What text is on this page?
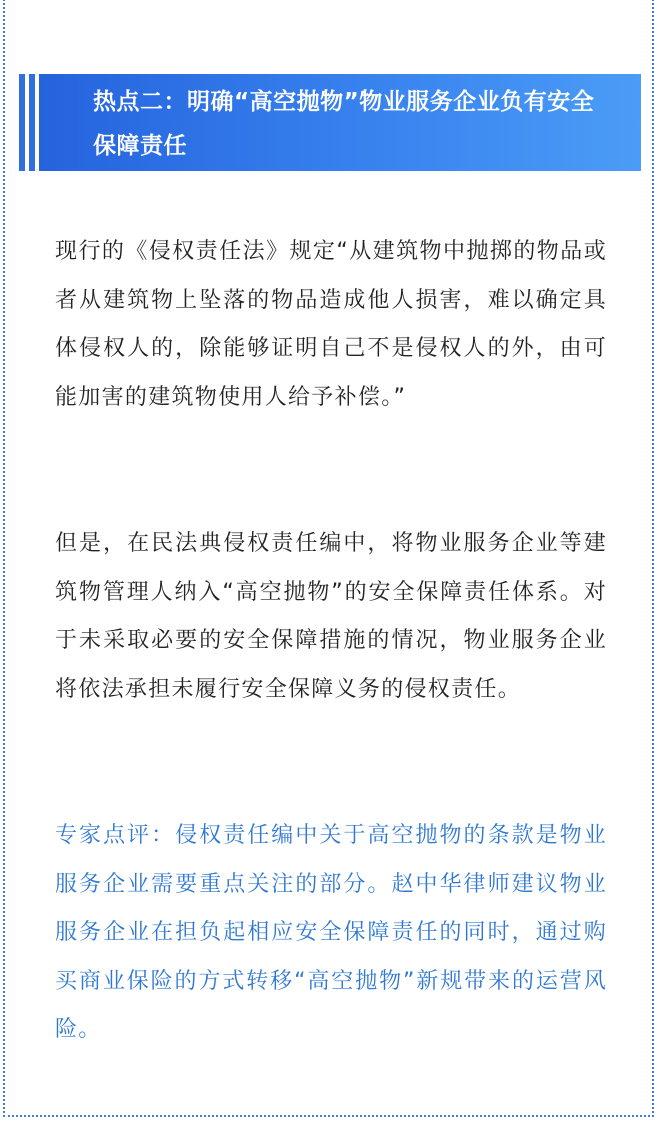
热点二：明确“高空抛物”物业服务企业负有安全保障责任
现行的《侵权责任法》规定“从建筑物中抛掷的物品或者从建筑物上坠落的物品造成他人损害，难以确定具体侵权人的，除能够证明自己不是侵权人的外，由可能加害的建筑物使用人给予补偿。”
但是，在民法典侵权责任编中，将物业服务企业等建筑物管理人纳入“高空抛物”的安全保障责任体系。对于未采取必要的安全保障措施的情况，物业服务企业将依法承担未履行安全保障义务的侵权责任。
专家点评：侵权责任编中关于高空抛物的条款是物业服务企业需要重点关注的部分。赵中华律师建议物业服务企业在担负起相应安全保障责任的同时，通过购买商业保险的方式转移“高空抛物”新规带来的运营风险。
